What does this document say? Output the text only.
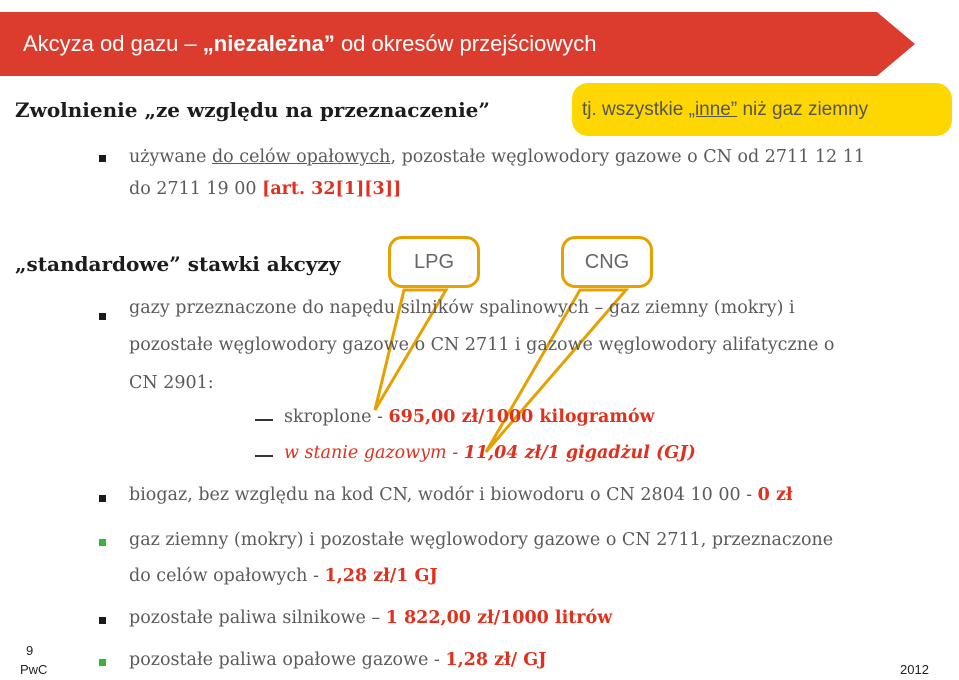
Akcyza od gazu – „niezależna” od okresów przejściowych
Zwolnienie „ze względu na przeznaczenie”	tj. wszystkie „inne” niż gaz ziemny
używane do celów opałowych, pozostałe węglowodory gazowe o CN od 2711 12 11
do 2711 19 00 [art. 32[1][3]]
„standardowe” stawki akcyzy
gazy przeznaczone do napędu silników spalinowych – gaz ziemny (mokry) i
pozostałe węglowodory gazowe o CN 2711 i gazowe węglowodory alifatyczne o
CN 2901:
LPG	CNG
skroplone - 695,00 zł/1000 kilogramów
w stanie gazowym - 11,04 zł/1 gigadżul (GJ)
biogaz, bez względu na kod CN, wodór i biowodoru o CN 2804 10 00 - 0 zł
gaz ziemny (mokry) i pozostałe węglowodory gazowe o CN 2711, przeznaczone
do celów opałowych - 1,28 zł/1 GJ
pozostałe paliwa silnikowe – 1 822,00 zł/1000 litrów
pozostałe paliwa opałowe gazowe - 1,28 zł/ GJ
9
PwC	2012
